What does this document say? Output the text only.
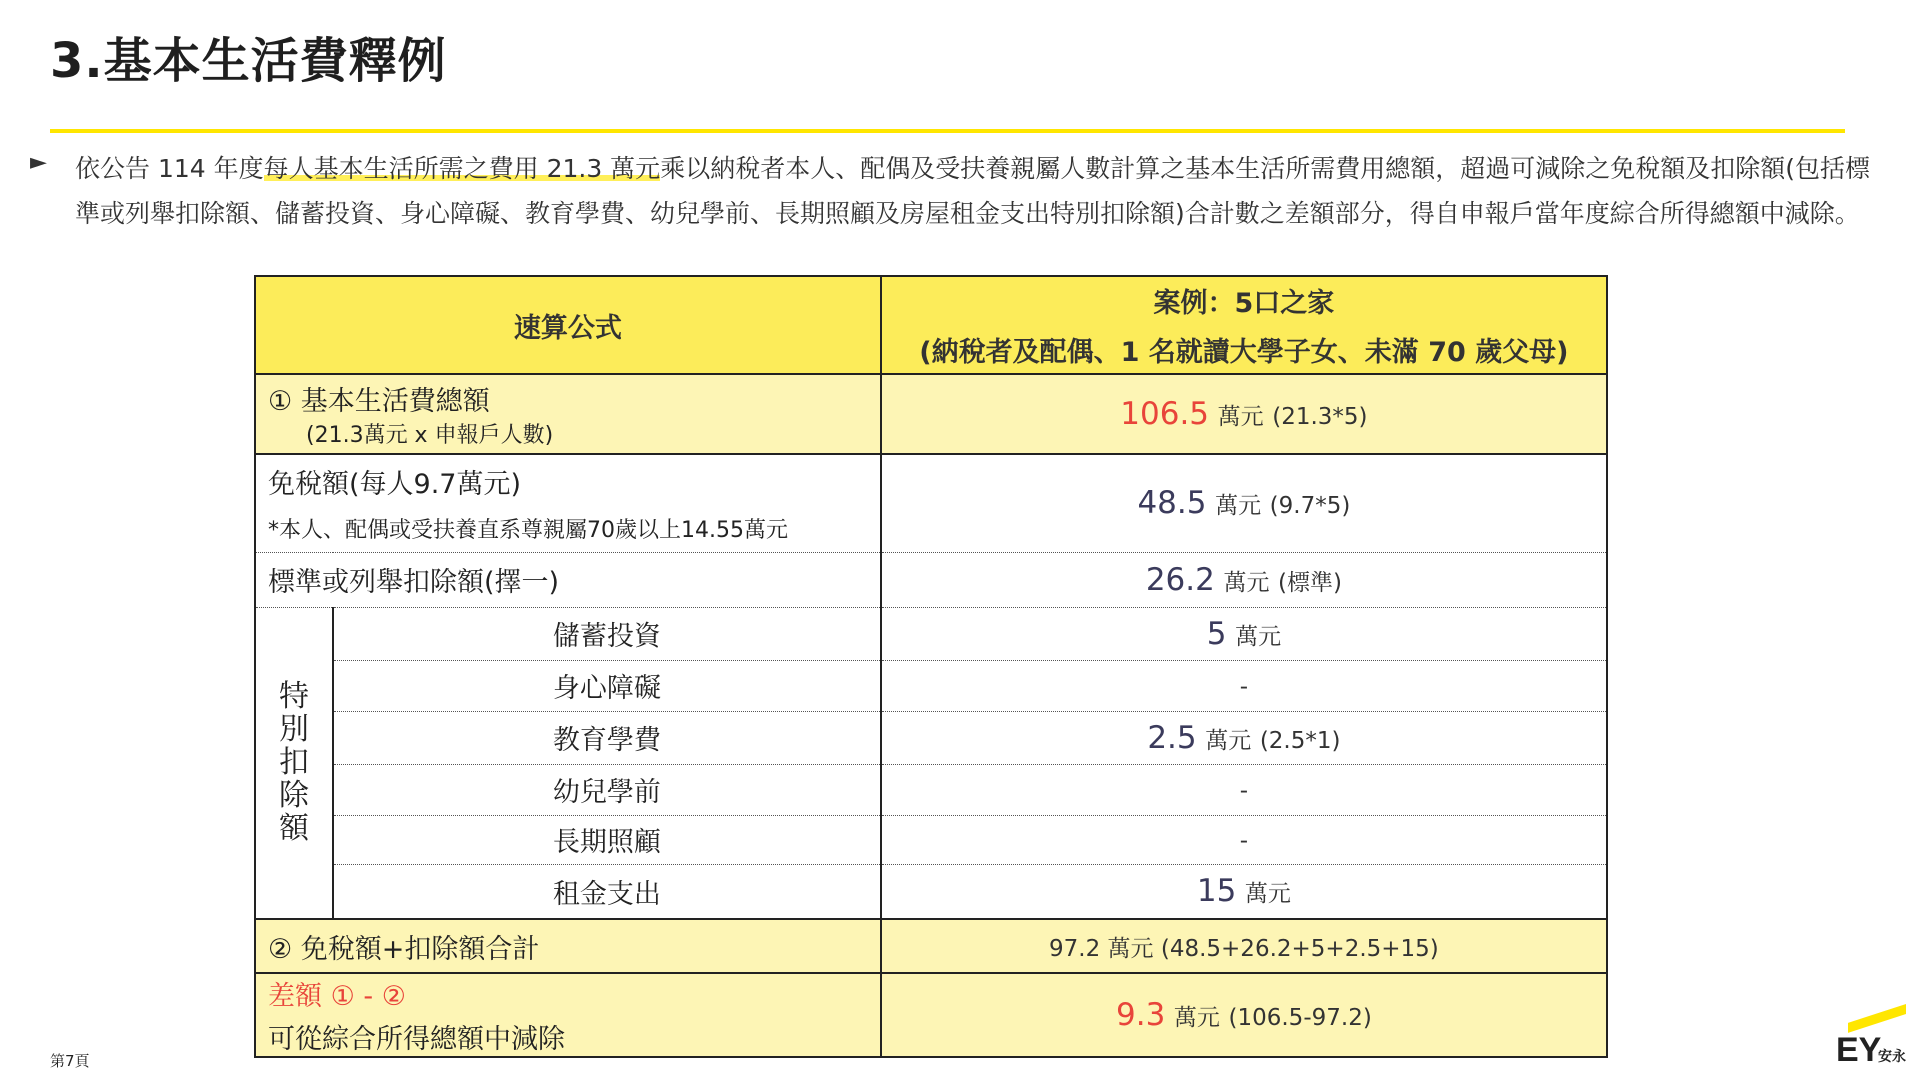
3.基本生活費釋例
► 依公告 114 年度每人基本生活所需之費用 21.3 萬元乘以納稅者本人、配偶及受扶養親屬人數計算之基本生活所需費用總額，超過可減除之免稅額及扣除額(包括標準或列舉扣除額、儲蓄投資、身心障礙、教育學費、幼兒學前、長期照顧及房屋租金支出特別扣除額)合計數之差額部分，得自申報戶當年度綜合所得總額中減除。
速算公式		案例：5口之家
(納稅者及配偶、1 名就讀大學子女、未滿 70 歲父母)

① 基本生活費總額
(21.3萬元 x 申報戶人數)		106.5 萬元 (21.3*5)

免稅額(每人9.7萬元)
*本人、配偶或受扶養直系尊親屬70歲以上14.55萬元		48.5 萬元 (9.7*5)
標準或列舉扣除額(擇一)		26.2 萬元 (標準)

特
別
扣
除
額	儲蓄投資	5 萬元
	身心障礙	-
	教育學費	2.5 萬元 (2.5*1)
	幼兒學前	-
	長期照顧	-
	租金支出	15 萬元
② 免稅額+扣除額合計		97.2 萬元 (48.5+26.2+5+2.5+15)

差額 ① - ②
可從綜合所得總額中減除		9.3 萬元 (106.5-97.2)
第7頁	EY
安永
